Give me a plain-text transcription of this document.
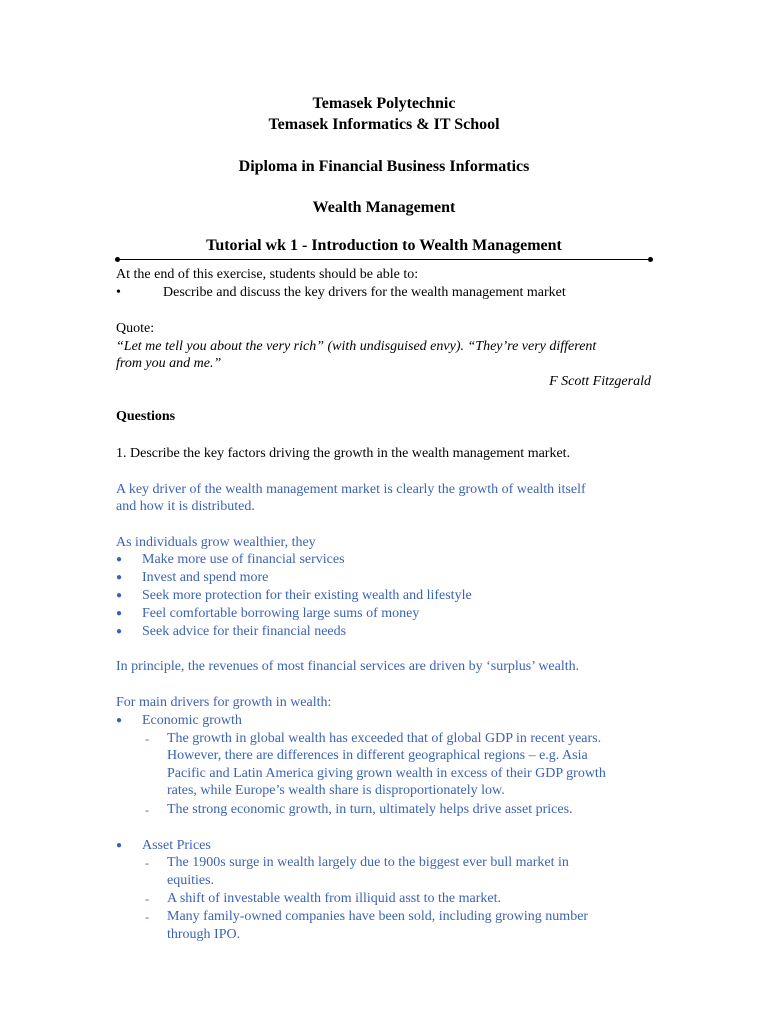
Temasek Polytechnic
Temasek Informatics & IT School
Diploma in Financial Business Informatics
Wealth Management
Tutorial wk 1 - Introduction to Wealth Management
At the end of this exercise, students should be able to:
•	Describe and discuss the key drivers for the wealth management market
Quote:
“Let me tell you about the very rich” (with undisguised envy). “They’re very different
from you and me.”
F Scott Fitzgerald
Questions
1. Describe the key factors driving the growth in the wealth management market.
A key driver of the wealth management market is clearly the growth of wealth itself
and how it is distributed.
As individuals grow wealthier, they
● Make more use of financial services
● Invest and spend more
● Seek more protection for their existing wealth and lifestyle
● Feel comfortable borrowing large sums of money
● Seek advice for their financial needs
In principle, the revenues of most financial services are driven by ‘surplus’ wealth.
For main drivers for growth in wealth:
● Economic growth
- The growth in global wealth has exceeded that of global GDP in recent years.
However, there are differences in different geographical regions – e.g. Asia
Pacific and Latin America giving grown wealth in excess of their GDP growth
rates, while Europe’s wealth share is disproportionately low.
- The strong economic growth, in turn, ultimately helps drive asset prices.
● Asset Prices
- The 1900s surge in wealth largely due to the biggest ever bull market in
equities.
- A shift of investable wealth from illiquid asst to the market.
- Many family-owned companies have been sold, including growing number
through IPO.
